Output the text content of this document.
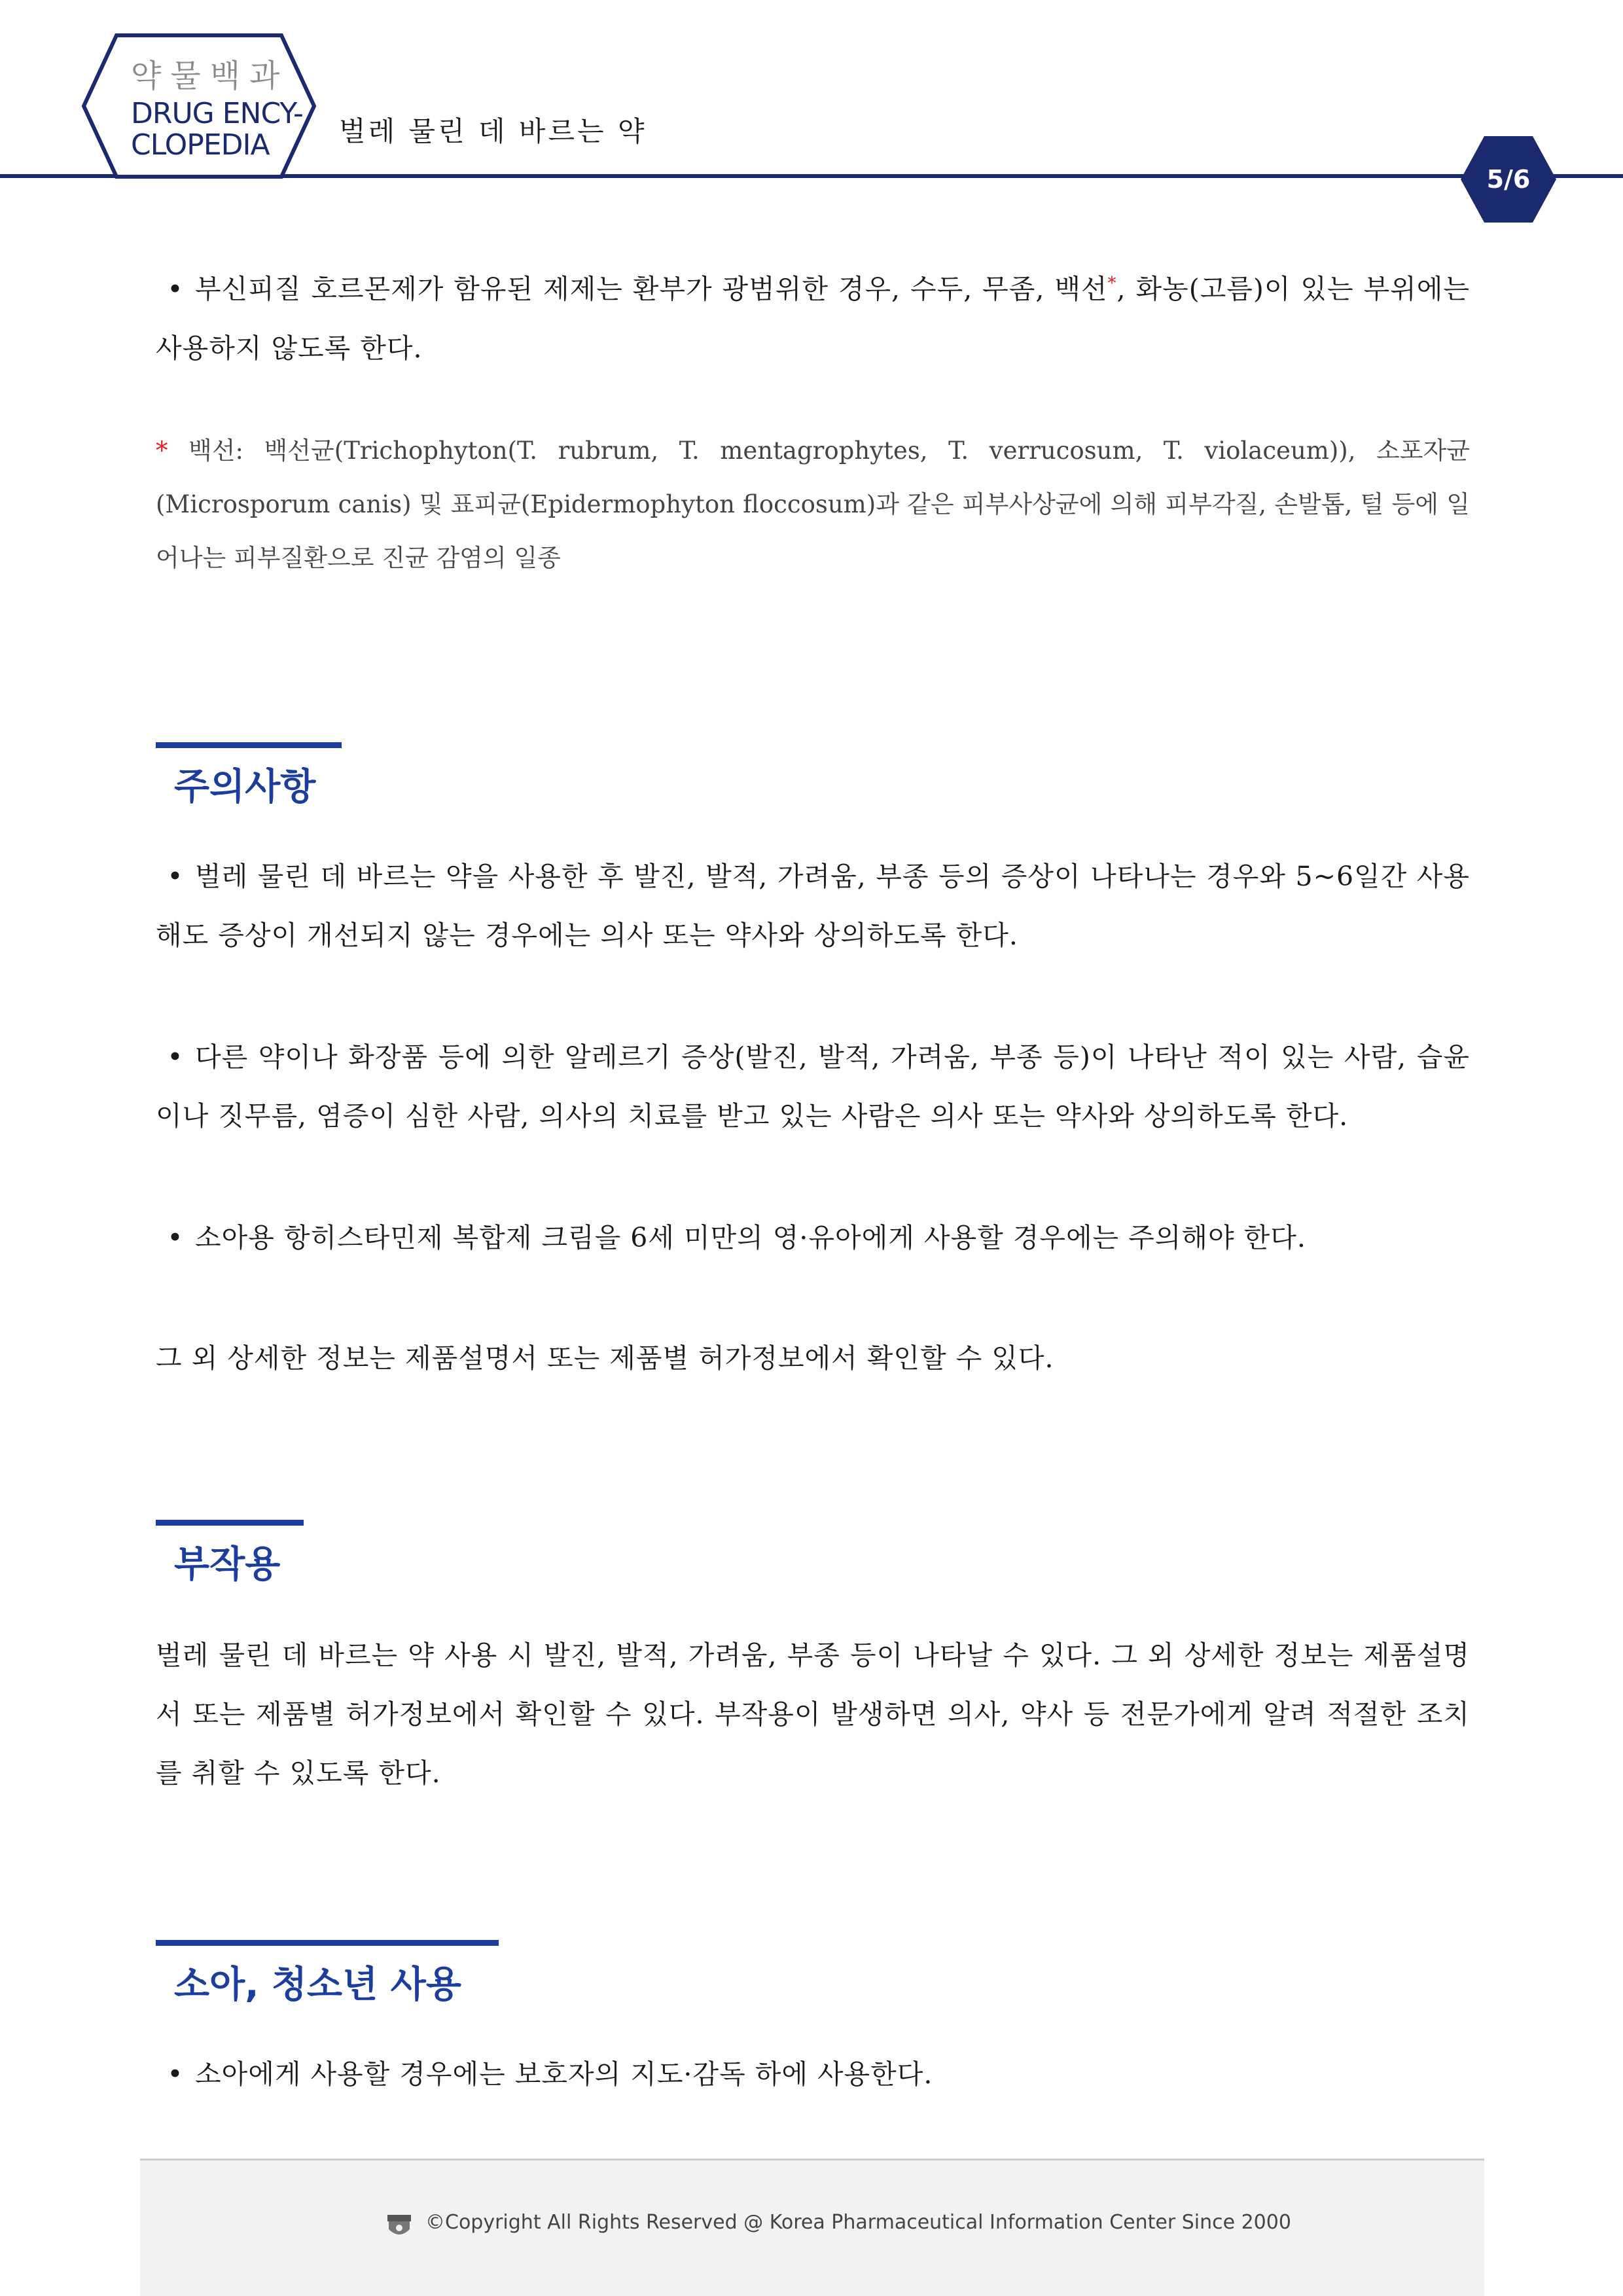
약물백과
DRUG ENCY-
CLOPEDIA	벌레 물린 데 바르는 약
5/6
• 부신피질 호르몬제가 함유된 제제는 환부가 광범위한 경우, 수두, 무좀, 백선*, 화농(고름)이 있는 부위에는 사용하지 않도록 한다.
* 백선: 백선균(Trichophyton(T. rubrum, T. mentagrophytes, T. verrucosum, T. violaceum)), 소포자균(Microsporum canis) 및 표피균(Epidermophyton floccosum)과 같은 피부사상균에 의해 피부각질, 손발톱, 털 등에 일어나는 피부질환으로 진균 감염의 일종
주의사항
• 벌레 물린 데 바르는 약을 사용한 후 발진, 발적, 가려움, 부종 등의 증상이 나타나는 경우와 5~6일간 사용해도 증상이 개선되지 않는 경우에는 의사 또는 약사와 상의하도록 한다.
• 다른 약이나 화장품 등에 의한 알레르기 증상(발진, 발적, 가려움, 부종 등)이 나타난 적이 있는 사람, 습윤이나 짓무름, 염증이 심한 사람, 의사의 치료를 받고 있는 사람은 의사 또는 약사와 상의하도록 한다.
• 소아용 항히스타민제 복합제 크림을 6세 미만의 영·유아에게 사용할 경우에는 주의해야 한다.
그 외 상세한 정보는 제품설명서 또는 제품별 허가정보에서 확인할 수 있다.
부작용
벌레 물린 데 바르는 약 사용 시 발진, 발적, 가려움, 부종 등이 나타날 수 있다. 그 외 상세한 정보는 제품설명서 또는 제품별 허가정보에서 확인할 수 있다. 부작용이 발생하면 의사, 약사 등 전문가에게 알려 적절한 조치를 취할 수 있도록 한다.
소아, 청소년 사용
• 소아에게 사용할 경우에는 보호자의 지도·감독 하에 사용한다.
©Copyright All Rights Reserved @ Korea Pharmaceutical Information Center Since 2000
